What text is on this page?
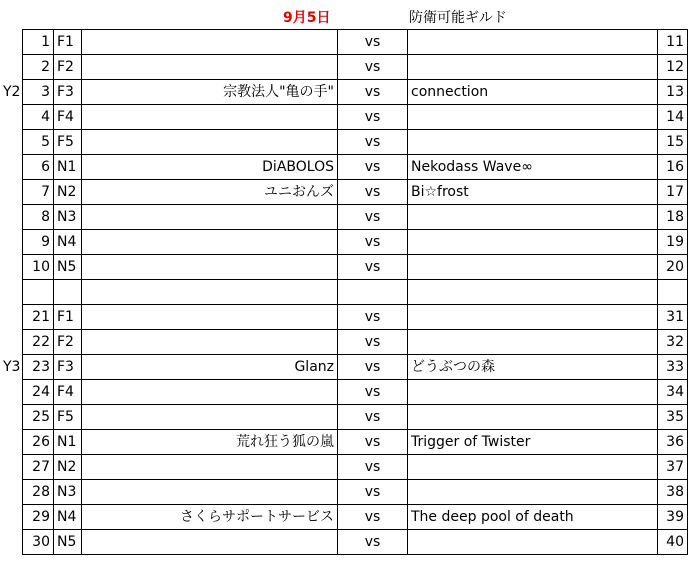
9月5日	防衛可能ギルド
Y2
Y3
1	F1		vs		11
2	F2		vs		12
3	F3	宗教法人"亀の手"	vs	connection	13
4	F4		vs		14
5	F5		vs		15
6	N1	DiABOLOS	vs	Nekodass Wave∞	16
7	N2	ユニおんズ	vs	Bi☆frost	17
8	N3		vs		18
9	N4		vs		19
10	N5		vs		20

21	F1		vs		31
22	F2		vs		32
23	F3	Glanz	vs	どうぶつの森	33
24	F4		vs		34
25	F5		vs		35
26	N1	荒れ狂う狐の嵐	vs	Trigger of Twister	36
27	N2		vs		37
28	N3		vs		38
29	N4	さくらサポートサービス	vs	The deep pool of death	39
30	N5		vs		40
